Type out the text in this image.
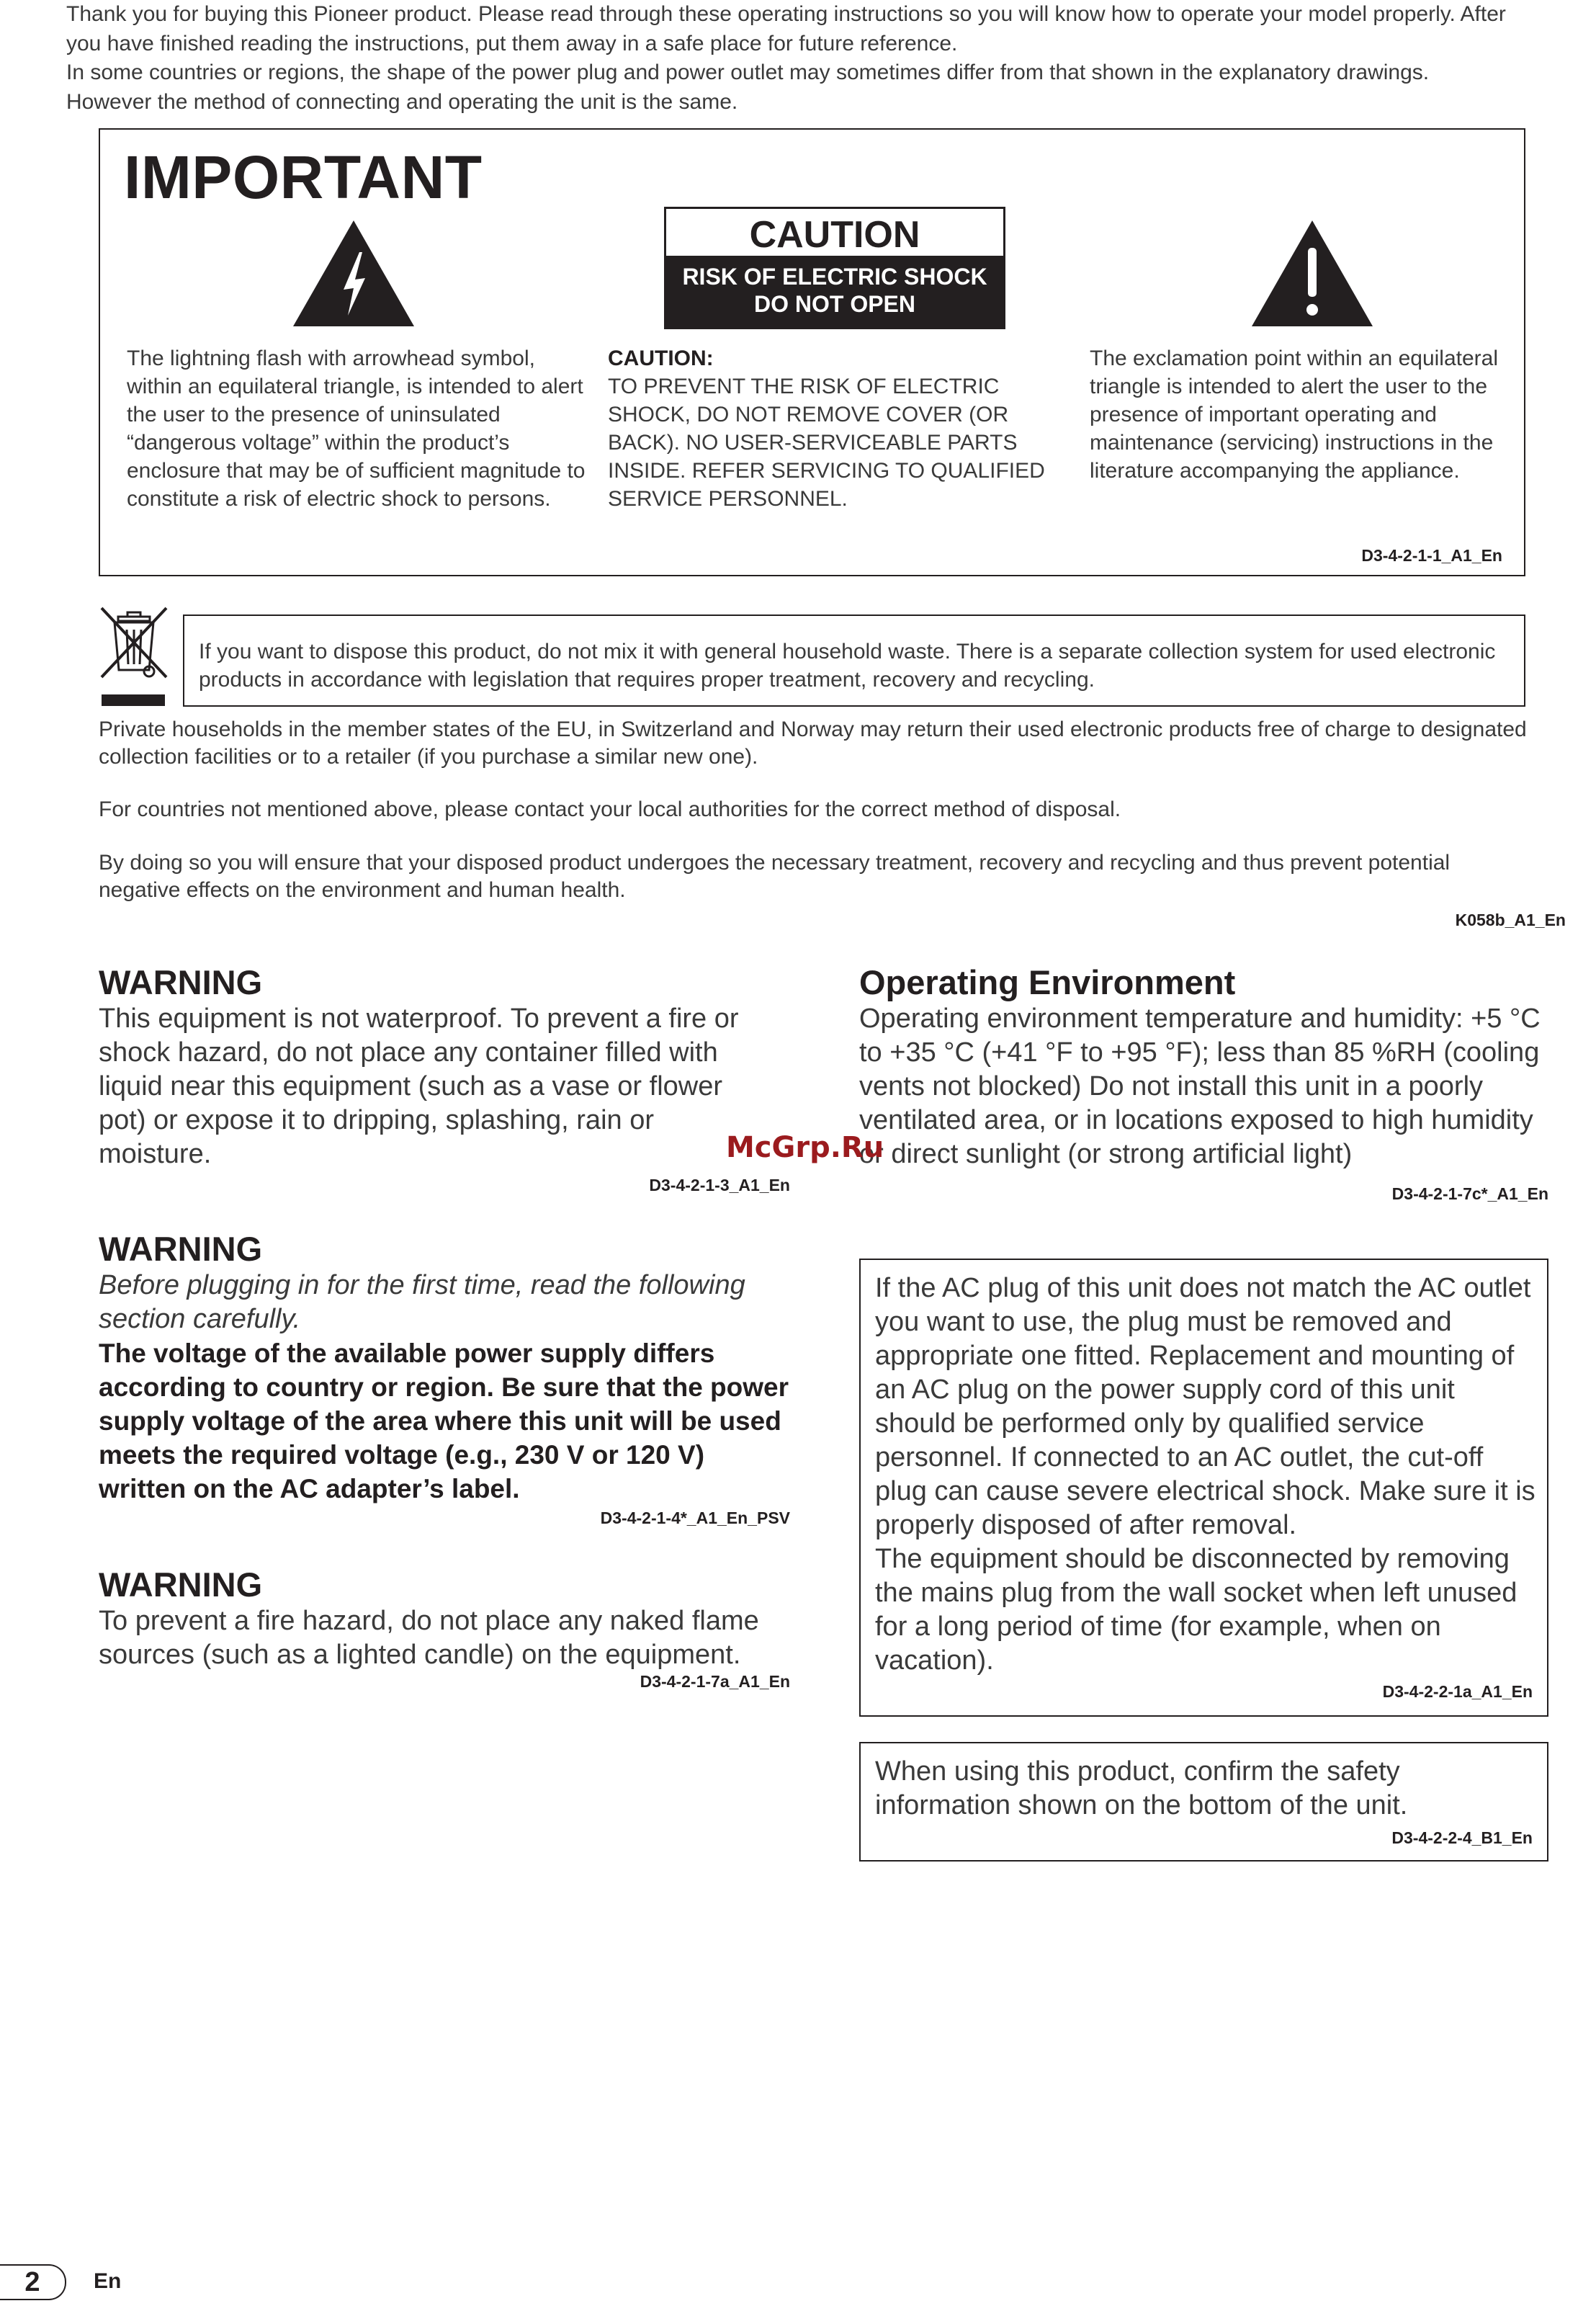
Thank you for buying this Pioneer product. Please read through these operating instructions so you will know how to operate your model properly. After
you have finished reading the instructions, put them away in a safe place for future reference.
In some countries or regions, the shape of the power plug and power outlet may sometimes differ from that shown in the explanatory drawings.
However the method of connecting and operating the unit is the same.
IMPORTANT
CAUTION
RISK OF ELECTRIC SHOCK
DO NOT OPEN
The lightning flash with arrowhead symbol, within an equilateral triangle, is intended to alert the user to the presence of uninsulated “dangerous voltage” within the product’s enclosure that may be of sufficient magnitude to constitute a risk of electric shock to persons.
CAUTION:
TO PREVENT THE RISK OF ELECTRIC SHOCK, DO NOT REMOVE COVER (OR BACK). NO USER-SERVICEABLE PARTS INSIDE. REFER SERVICING TO QUALIFIED SERVICE PERSONNEL.
The exclamation point within an equilateral triangle is intended to alert the user to the presence of important operating and maintenance (servicing) instructions in the literature accompanying the appliance.
D3-4-2-1-1_A1_En
If you want to dispose this product, do not mix it with general household waste. There is a separate collection system for used electronic products in accordance with legislation that requires proper treatment, recovery and recycling.
Private households in the member states of the EU, in Switzerland and Norway may return their used electronic products free of charge to designated collection facilities or to a retailer (if you purchase a similar new one).
For countries not mentioned above, please contact your local authorities for the correct method of disposal.
By doing so you will ensure that your disposed product undergoes the necessary treatment, recovery and recycling and thus prevent potential negative effects on the environment and human health.
K058b_A1_En
WARNING
This equipment is not waterproof. To prevent a fire or shock hazard, do not place any container filled with liquid near this equipment (such as a vase or flower pot) or expose it to dripping, splashing, rain or moisture.
D3-4-2-1-3_A1_En
WARNING
Before plugging in for the first time, read the following section carefully.
The voltage of the available power supply differs according to country or region. Be sure that the power supply voltage of the area where this unit will be used meets the required voltage (e.g., 230 V or 120 V) written on the AC adapter’s label.
D3-4-2-1-4*_A1_En_PSV
WARNING
To prevent a fire hazard, do not place any naked flame sources (such as a lighted candle) on the equipment.
D3-4-2-1-7a_A1_En
Operating Environment
Operating environment temperature and humidity: +5 °C to +35 °C (+41 °F to +95 °F); less than 85 %RH (cooling vents not blocked) Do not install this unit in a poorly ventilated area, or in locations exposed to high humidity or direct sunlight (or strong artificial light)
D3-4-2-1-7c*_A1_En
If the AC plug of this unit does not match the AC outlet you want to use, the plug must be removed and appropriate one fitted. Replacement and mounting of an AC plug on the power supply cord of this unit should be performed only by qualified service personnel. If connected to an AC outlet, the cut-off plug can cause severe electrical shock. Make sure it is properly disposed of after removal.
The equipment should be disconnected by removing the mains plug from the wall socket when left unused for a long period of time (for example, when on vacation).
D3-4-2-2-1a_A1_En
When using this product, confirm the safety information shown on the bottom of the unit.
D3-4-2-2-4_B1_En
McGrp.Ru
2	En
